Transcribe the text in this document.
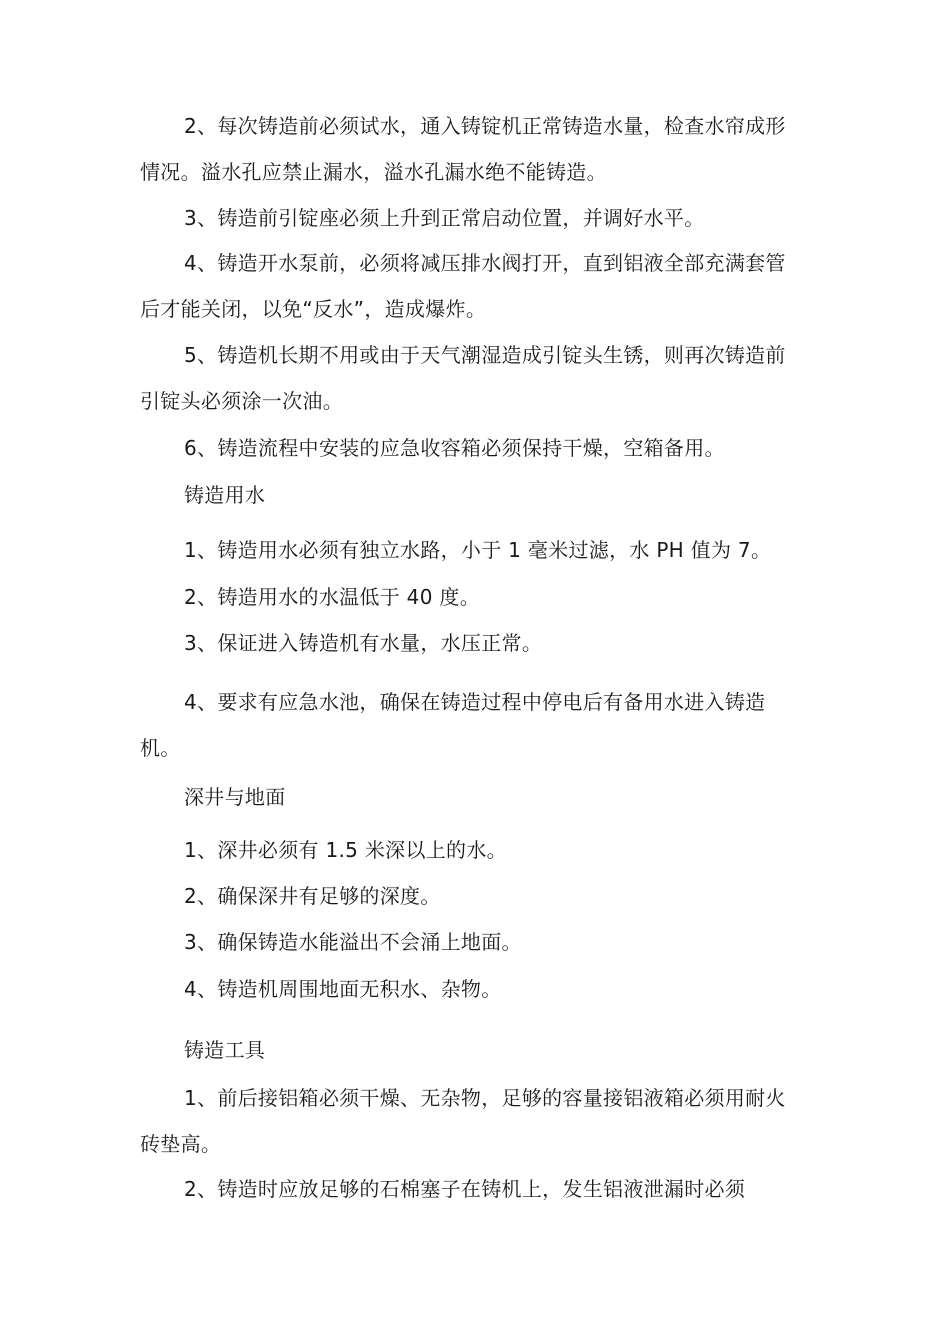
2、每次铸造前必须试水，通入铸锭机正常铸造水量，检查水帘成形情况。溢水孔应禁止漏水，溢水孔漏水绝不能铸造。

3、铸造前引锭座必须上升到正常启动位置，并调好水平。

4、铸造开水泵前，必须将减压排水阀打开，直到铝液全部充满套管后才能关闭，以免“反水”，造成爆炸。

5、铸造机长期不用或由于天气潮湿造成引锭头生锈，则再次铸造前引锭头必须涂一次油。

6、铸造流程中安装的应急收容箱必须保持干燥，空箱备用。

铸造用水

1、铸造用水必须有独立水路，小于 1 毫米过滤，水 PH 值为 7。

2、铸造用水的水温低于 40 度。

3、保证进入铸造机有水量，水压正常。

4、要求有应急水池，确保在铸造过程中停电后有备用水进入铸造机。

深井与地面

1、深井必须有 1.5 米深以上的水。

2、确保深井有足够的深度。

3、确保铸造水能溢出不会涌上地面。

4、铸造机周围地面无积水、杂物。

铸造工具

1、前后接铝箱必须干燥、无杂物，足够的容量接铝液箱必须用耐火砖垫高。

2、铸造时应放足够的石棉塞子在铸机上，发生铝液泄漏时必须
